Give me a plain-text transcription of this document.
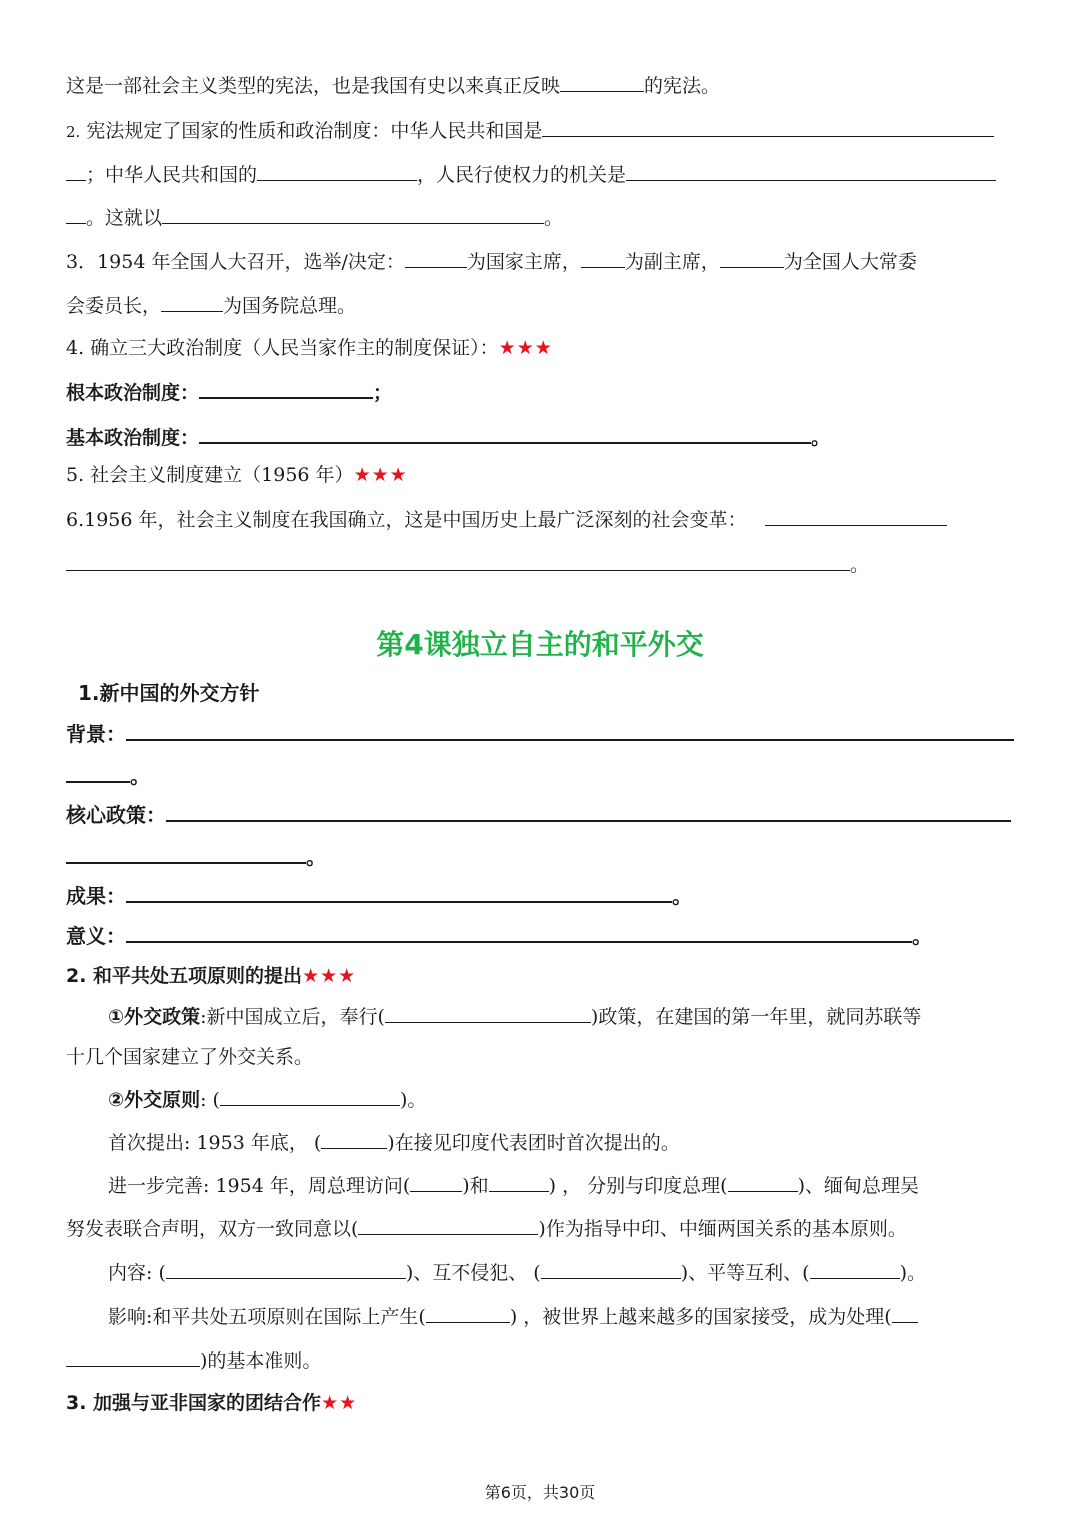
这是一部社会主义类型的宪法，也是我国有史以来真正反映	的宪法。
2. 宪法规定了国家的性质和政治制度：中华人民共和国是
；中华人民共和国的	，人民行使权力的机关是
。这就以	。
3．1954 年全国人大召开，选举/决定：	为国家主席， 为副主席，	为全国人大常委
会委员长，	为国务院总理。
4. 确立三大政治制度（人民当家作主的制度保证）：★★★
根本政治制度：	；
基本政治制度：	。
5. 社会主义制度建立（1956 年）★★★
6.1956 年，社会主义制度在我国确立，这是中国历史上最广泛深刻的社会变革：
。
第4课独立自主的和平外交
1.新中国的外交方针
背景：
。
核心政策：
。
成果：	。
意义：	。
2. 和平共处五项原则的提出★★★
①外交政策:新中国成立后，奉行(	)政策，在建国的第一年里，就同苏联等
十几个国家建立了外交关系。
②外交原则: (	)。
首次提出: 1953 年底， (	)在接见印度代表团时首次提出的。
进一步完善: 1954 年，周总理访问(	)和	) ， 分别与印度总理(	)、缅甸总理吴
努发表联合声明，双方一致同意以(	)作为指导中印、中缅两国关系的基本原则。
内容: (	)、互不侵犯、 (	)、平等互利、(	)。
影响:和平共处五项原则在国际上产生(	) ，被世界上越来越多的国家接受，成为处理(
)的基本准则。
3. 加强与亚非国家的团结合作★★
第6页，共30页
